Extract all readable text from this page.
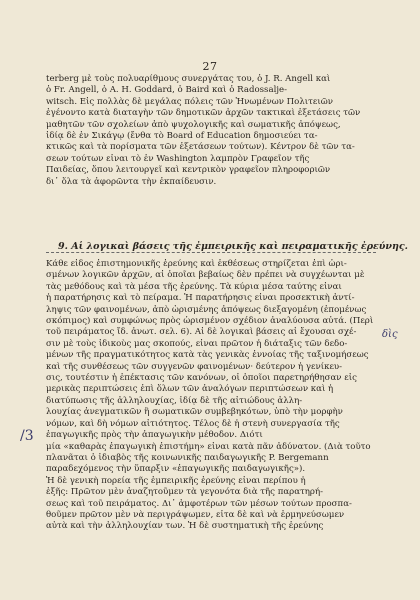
27
terberg μὲ τοὺς πολυαρίθμους συνεργάτας του, ὁ J. R. Angell καὶ
ὁ Fr. Angell, ὁ A. H. Goddard, ὁ Baird καὶ ὁ Radossalje-
witsch. Εἰς πολλὰς δὲ μεγάλας πόλεις τῶν Ἡνωμένων Πολιτειῶν
ἐγένοντο κατὰ διαταγὴν τῶν δημοτικῶν ἀρχῶν τακτικαὶ ἐξετάσεις τῶν
μαθητῶν τῶν σχολείων ἀπὸ ψυχολογικῆς καὶ σωματικῆς ἀπόψεως,
ἰδίᾳ δὲ ἐν Σικάγῳ (ἔνθα τὸ Board of Education δημοσιεύει τα-
κτικῶς καὶ τὰ πορίσματα τῶν ἐξετάσεων τούτων). Κέντρον δὲ τῶν τα-
σεων τούτων εἶναι τὸ ἐν Washington λαμπρὸν Γραφεῖον τῆς
Παιδείας, ὅπου λειτουργεῖ καὶ κεντρικὸν γραφεῖον πληροφοριῶν
δι᾽ ὅλα τὰ ἀφορῶντα τὴν ἐκπαίδευσιν.
9. Αἱ λογικαὶ βάσεις τῆς ἐμπειρικῆς καὶ πειραματικῆς ἐρεύνης.
Κάθε εἶδος ἐπιστημονικῆς ἐρεύνης καὶ ἐκθέσεως στηρίζεται ἐπὶ ὡρι-
σμένων λογικῶν ἀρχῶν, αἱ ὁποῖαι βεβαίως δὲν πρέπει νὰ συγχέωνται μὲ
τὰς μεθόδους καὶ τὰ μέσα τῆς ἐρεύνης. Τὰ κύρια μέσα ταύτης εἶναι
ἡ παρατήρησις καὶ τὸ πείραμα. Ἡ παρατήρησις εἶναι προσεκτικὴ ἀντί-
ληψις τῶν φαινομένων, ἀπὸ ὡρισμένης ἀπόψεως διεξαγομένη (ἐπομένως
σκόπιμος) καὶ συμφώνως πρὸς ὡρισμένον σχέδιον ἀναλύουσα αὐτά. (Περὶ
τοῦ πειράματος ἴδ. ἀνωτ. σελ. 6). Αἱ δὲ λογικαὶ βάσεις αἱ ἔχουσαι σχέ-
σιν μὲ τοὺς ἰδικοὺς μας σκοπούς, εἶναι πρῶτον ἡ διάταξις τῶν δεδο-
μένων τῆς πραγματικότητος κατὰ τὰς γενικὰς ἐννοίας τῆς ταξινομήσεως
καὶ τῆς συνθέσεως τῶν συγγενῶν φαινομένων· δεύτερον ἡ γενίκευ-
σις, τουτέστιν ἡ ἐπέκτασις τῶν κανόνων, οἱ ὁποῖοι παρετηρήθησαν εἰς
μερικὰς περιπτώσεις ἐπὶ ὅλων τῶν ἀναλόγων περιπτώσεων καὶ ἡ
διατύπωσις τῆς ἀλληλουχίας, ἰδίᾳ δὲ τῆς αἰτιώδους ἀλλη-
λουχίας ἀνεγματικῶν ἢ σωματικῶν συμβεβηκότων, ὑπὸ τὴν μορφὴν
νόμων, καὶ δὴ νόμων αἰτιότητος. Τέλος δὲ ἡ στενὴ συνεργασία τῆς
ἐπαγωγικῆς πρὸς τὴν ἀπαγωγικὴν μέθοδον. Διότι
μία «καθαρὰς ἐπαγωγικὴ ἐπιστήμη» εἶναι κατὰ πᾶν ἀδύνατον. (Διὰ τοῦτο
πλανᾶται ὁ ἰδιαβὸς τῆς κοινωνικῆς παιδαγωγικῆς P. Bergemann
παραδεχόμενος τὴν ὕπαρξιν «ἐπαγωγικῆς παιδαγωγικῆς»).
Ἡ δὲ γενικὴ πορεία τῆς ἐμπειρικῆς ἐρεύνης εἶναι περίπου ἡ
ἑξῆς: Πρῶτον μὲν ἀναζητοῦμεν τὰ γεγονότα διὰ τῆς παρατηρή-
σεως καὶ τοῦ πειράματος. Δι᾽ ἀμφοτέρων τῶν μέσων τούτων προσπα-
θοῦμεν πρῶτον μὲν νὰ περιγράψωμεν, εἶτα δὲ καὶ νὰ ἑρμηνεύσωμεν
αὐτὰ καὶ τὴν ἀλληλουχίαν των. Ἡ δὲ συστηματικὴ τῆς ἐρεύνης
δὶς
/3
